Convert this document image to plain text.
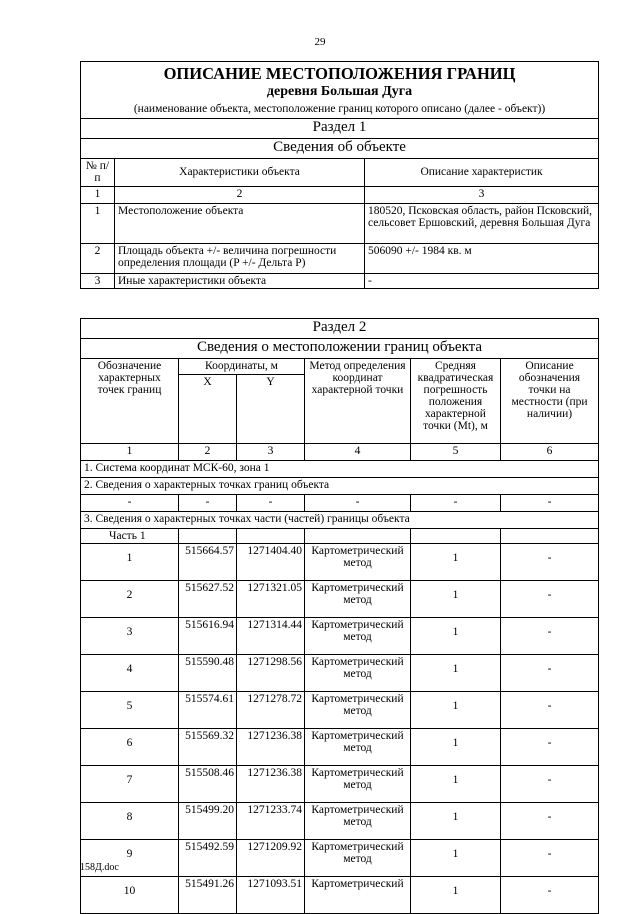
29
ОПИСАНИЕ МЕСТОПОЛОЖЕНИЯ ГРАНИЦ		
деревня Большая Дуга		
(наименование объекта, местоположение границ которого описано (далее - объект))		
Раздел 1		
Сведения об объекте		
№ п/п	Характеристики объекта	Описание характеристик
1	2	3
1	Местоположение объекта	180520, Псковская область, район Псковский, сельсовет Ершовский, деревня Большая Дуга
2	Площадь объекта +/- величина погрешности определения площади (P +/- Дельта P)	506090 +/- 1984 кв. м
3	Иные характеристики объекта	-
Раздел 2					
Сведения о местоположении границ объекта					
Обозначение характерных точек границ	Координаты, м		Метод определения координат характерной точки	Средняя квадратическая погрешность положения характерной точки (Mt), м	Описание обозначения точки на местности (при наличии)
	X	Y			
1	2	3	4	5	6
1. Система координат МСК-60, зона 1					
2. Сведения о характерных точках границ объекта					
-	-	-	-	-	-
3. Сведения о характерных точках части (частей) границы объекта					
Часть 1					
1	515664.57	1271404.40	Картометрический метод	1	-
2	515627.52	1271321.05	Картометрический метод	1	-
3	515616.94	1271314.44	Картометрический метод	1	-
4	515590.48	1271298.56	Картометрический метод	1	-
5	515574.61	1271278.72	Картометрический метод	1	-
6	515569.32	1271236.38	Картометрический метод	1	-
7	515508.46	1271236.38	Картометрический метод	1	-
8	515499.20	1271233.74	Картометрический метод	1	-
9	515492.59	1271209.92	Картометрический метод	1	-
10	515491.26	1271093.51	Картометрический	1	-
158Д.doc
